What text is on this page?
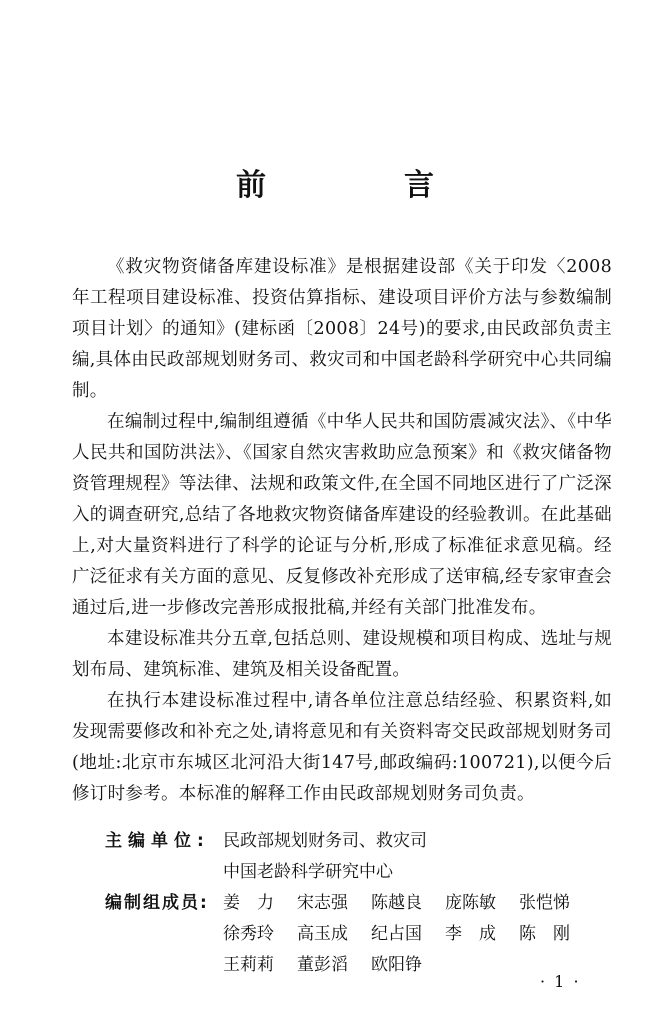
前　言

《救灾物资储备库建设标准》是根据建设部《关于印发〈2008年工程项目建设标准、投资估算指标、建设项目评价方法与参数编制项目计划〉的通知》(建标函〔2008〕24号)的要求,由民政部负责主编,具体由民政部规划财务司、救灾司和中国老龄科学研究中心共同编制。

在编制过程中,编制组遵循《中华人民共和国防震减灾法》、《中华人民共和国防洪法》、《国家自然灾害救助应急预案》和《救灾储备物资管理规程》等法律、法规和政策文件,在全国不同地区进行了广泛深入的调查研究,总结了各地救灾物资储备库建设的经验教训。在此基础上,对大量资料进行了科学的论证与分析,形成了标准征求意见稿。经广泛征求有关方面的意见、反复修改补充形成了送审稿,经专家审查会通过后,进一步修改完善形成报批稿,并经有关部门批准发布。

本建设标准共分五章,包括总则、建设规模和项目构成、选址与规划布局、建筑标准、建筑及相关设备配置。

在执行本建设标准过程中,请各单位注意总结经验、积累资料,如发现需要修改和补充之处,请将意见和有关资料寄交民政部规划财务司(地址:北京市东城区北河沿大街147号,邮政编码:100721),以便今后修订时参考。本标准的解释工作由民政部规划财务司负责。

主编单位: 民政部规划财务司、救灾司
中国老龄科学研究中心
编制组成员: 姜　力	宋志强	陈越良	庞陈敏	张恺悌
徐秀玲	高玉成	纪占国	李　成	陈　刚
王莉莉	董彭滔	欧阳铮
· 1 ·
